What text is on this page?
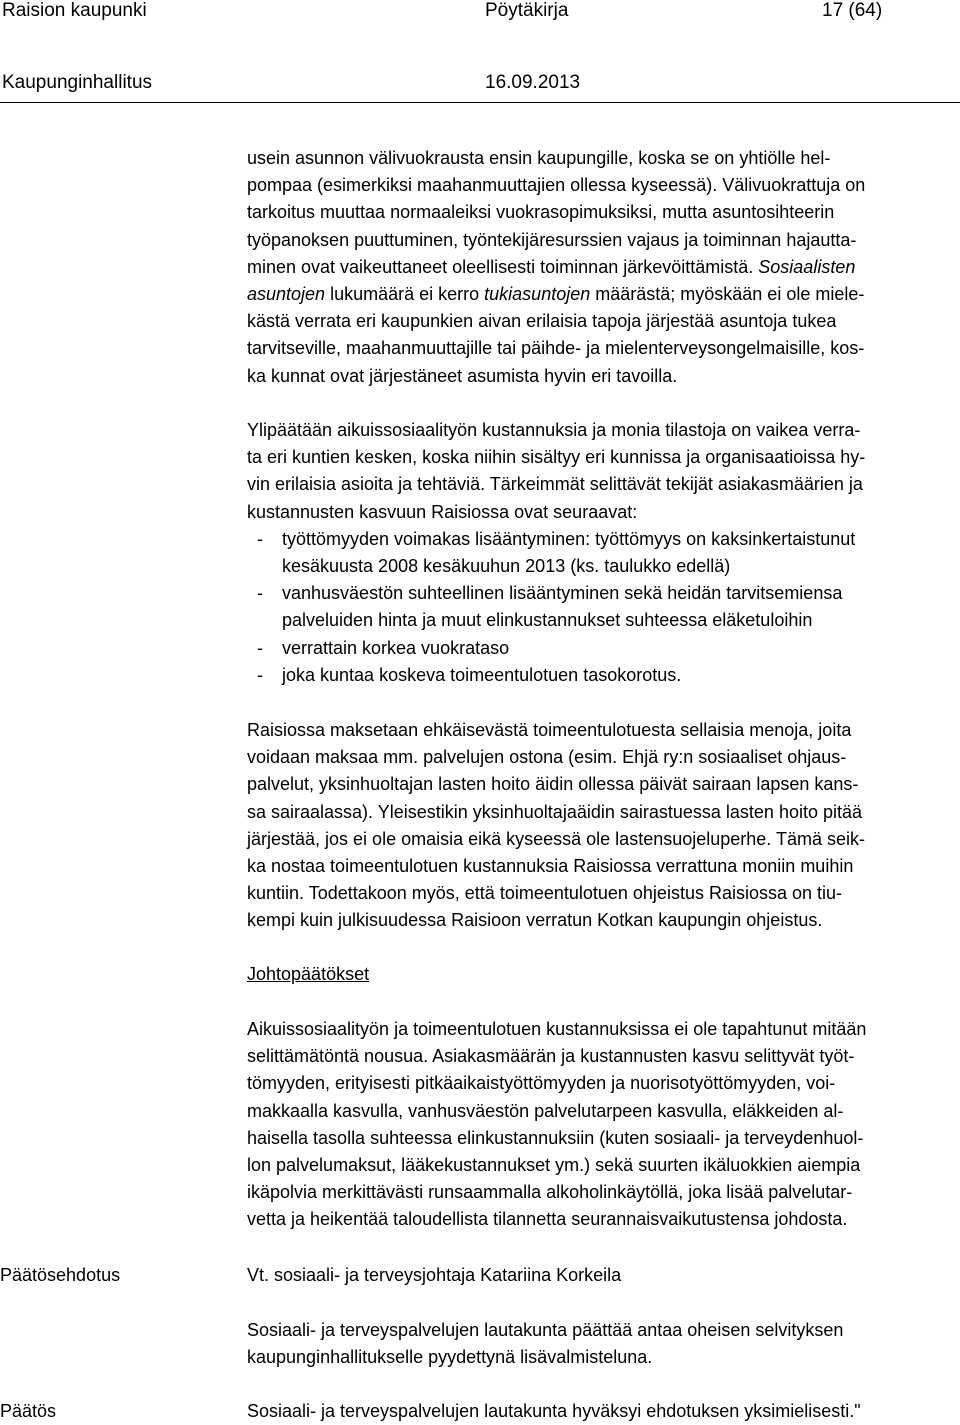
Raision kaupunki	Pöytäkirja	17 (64)
Kaupunginhallitus	16.09.2013
usein asunnon välivuokrausta ensin kaupungille, koska se on yhtiölle hel-
pompaa (esimerkiksi maahanmuuttajien ollessa kyseessä). Välivuokrattuja on
tarkoitus muuttaa normaaleiksi vuokrasopimuksiksi, mutta asuntosihteerin
työpanoksen puuttuminen, työntekijäresurssien vajaus ja toiminnan hajautta-
minen ovat vaikeuttaneet oleellisesti toiminnan järkevöittämistä. Sosiaalisten
asuntojen lukumäärä ei kerro tukiasuntojen määrästä; myöskään ei ole miele-
kästä verrata eri kaupunkien aivan erilaisia tapoja järjestää asuntoja tukea
tarvitseville, maahanmuuttajille tai päihde- ja mielenterveysongelmaisille, kos-
ka kunnat ovat järjestäneet asumista hyvin eri tavoilla.
Ylipäätään aikuissosiaalityön kustannuksia ja monia tilastoja on vaikea verra-
ta eri kuntien kesken, koska niihin sisältyy eri kunnissa ja organisaatioissa hy-
vin erilaisia asioita ja tehtäviä. Tärkeimmät selittävät tekijät asiakasmäärien ja
kustannusten kasvuun Raisiossa ovat seuraavat:
- työttömyyden voimakas lisääntyminen: työttömyys on kaksinkertaistunut
kesäkuusta 2008 kesäkuuhun 2013 (ks. taulukko edellä)
- vanhusväestön suhteellinen lisääntyminen sekä heidän tarvitsemiensa
palveluiden hinta ja muut elinkustannukset suhteessa eläketuloihin
- verrattain korkea vuokrataso
- joka kuntaa koskeva toimeentulotuen tasokorotus.
Raisiossa maksetaan ehkäisevästä toimeentulotuesta sellaisia menoja, joita
voidaan maksaa mm. palvelujen ostona (esim. Ehjä ry:n sosiaaliset ohjaus-
palvelut, yksinhuoltajan lasten hoito äidin ollessa päivät sairaan lapsen kans-
sa sairaalassa). Yleisestikin yksinhuoltajaäidin sairastuessa lasten hoito pitää
järjestää, jos ei ole omaisia eikä kyseessä ole lastensuojeluperhe. Tämä seik-
ka nostaa toimeentulotuen kustannuksia Raisiossa verrattuna moniin muihin
kuntiin. Todettakoon myös, että toimeentulotuen ohjeistus Raisiossa on tiu-
kempi kuin julkisuudessa Raisioon verratun Kotkan kaupungin ohjeistus.
Johtopäätökset
Aikuissosiaalityön ja toimeentulotuen kustannuksissa ei ole tapahtunut mitään
selittämätöntä nousua. Asiakasmäärän ja kustannusten kasvu selittyvät työt-
tömyyden, erityisesti pitkäaikaistyöttömyyden ja nuorisotyöttömyyden, voi-
makkaalla kasvulla, vanhusväestön palvelutarpeen kasvulla, eläkkeiden al-
haisella tasolla suhteessa elinkustannuksiin (kuten sosiaali- ja terveydenhuol-
lon palvelumaksut, lääkekustannukset ym.) sekä suurten ikäluokkien aiempia
ikäpolvia merkittävästi runsaammalla alkoholinkäytöllä, joka lisää palvelutar-
vetta ja heikentää taloudellista tilannetta seurannaisvaikutustensa johdosta.
Päätösehdotus	Vt. sosiaali- ja terveysjohtaja Katariina Korkeila
Sosiaali- ja terveyspalvelujen lautakunta päättää antaa oheisen selvityksen
kaupunginhallitukselle pyydettynä lisävalmisteluna.
Päätös	Sosiaali- ja terveyspalvelujen lautakunta hyväksyi ehdotuksen yksimielisesti."
